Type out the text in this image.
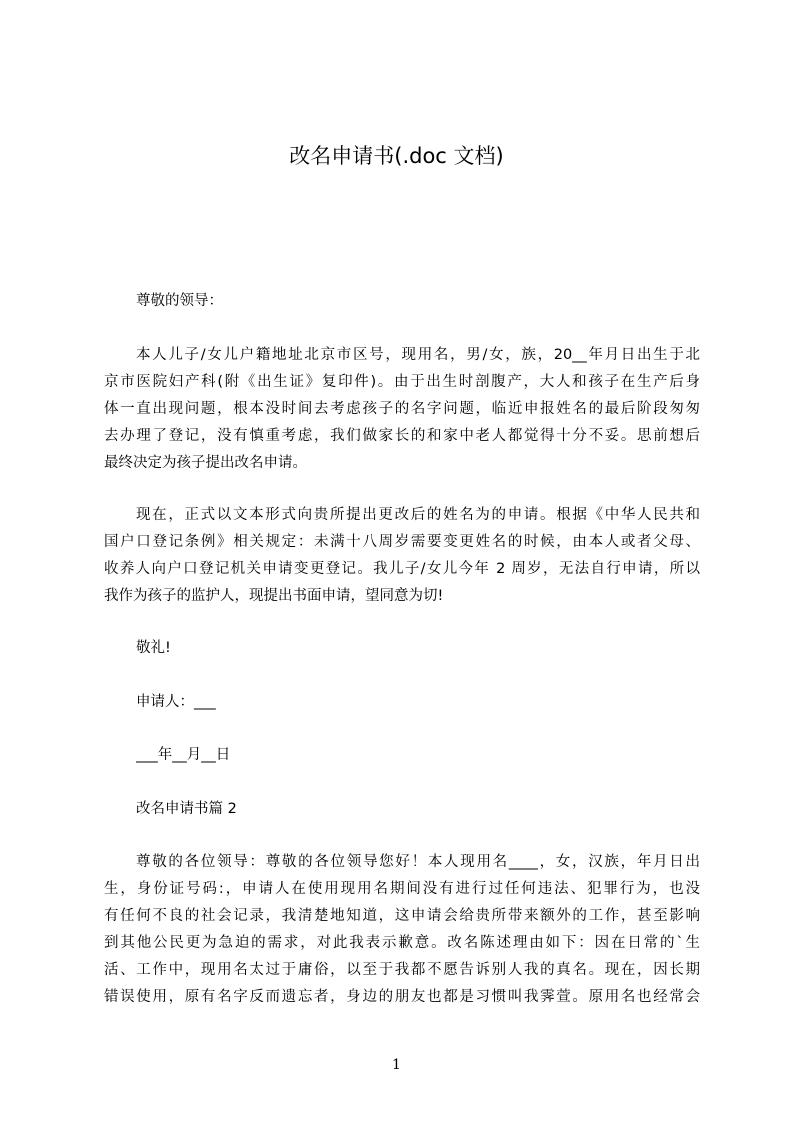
改名申请书(.doc 文档)
尊敬的领导：
本人儿子/女儿户籍地址北京市区号，现用名，男/女，族，20__年月日出生于北
京市医院妇产科(附《出生证》复印件)。由于出生时剖腹产，大人和孩子在生产后身
体一直出现问题，根本没时间去考虑孩子的名字问题，临近申报姓名的最后阶段匆匆
去办理了登记，没有慎重考虑，我们做家长的和家中老人都觉得十分不妥。思前想后
最终决定为孩子提出改名申请。
现在，正式以文本形式向贵所提出更改后的姓名为的申请。根据《中华人民共和
国户口登记条例》相关规定：未满十八周岁需要变更姓名的时候，由本人或者父母、
收养人向户口登记机关申请变更登记。我儿子/女儿今年 2 周岁，无法自行申请，所以
我作为孩子的监护人，现提出书面申请，望同意为切!
敬礼!
申请人：___
___年__月__日
改名申请书篇 2
尊敬的各位领导：尊敬的各位领导您好！本人现用名____，女，汉族，年月日出
生，身份证号码:，申请人在使用现用名期间没有进行过任何违法、犯罪行为，也没
有任何不良的社会记录，我清楚地知道，这申请会给贵所带来额外的工作，甚至影响
到其他公民更为急迫的需求，对此我表示歉意。改名陈述理由如下：因在日常的`生
活、工作中，现用名太过于庸俗，以至于我都不愿告诉别人我的真名。现在，因长期
错误使用，原有名字反而遗忘者，身边的朋友也都是习惯叫我霁萱。原用名也经常会
1
